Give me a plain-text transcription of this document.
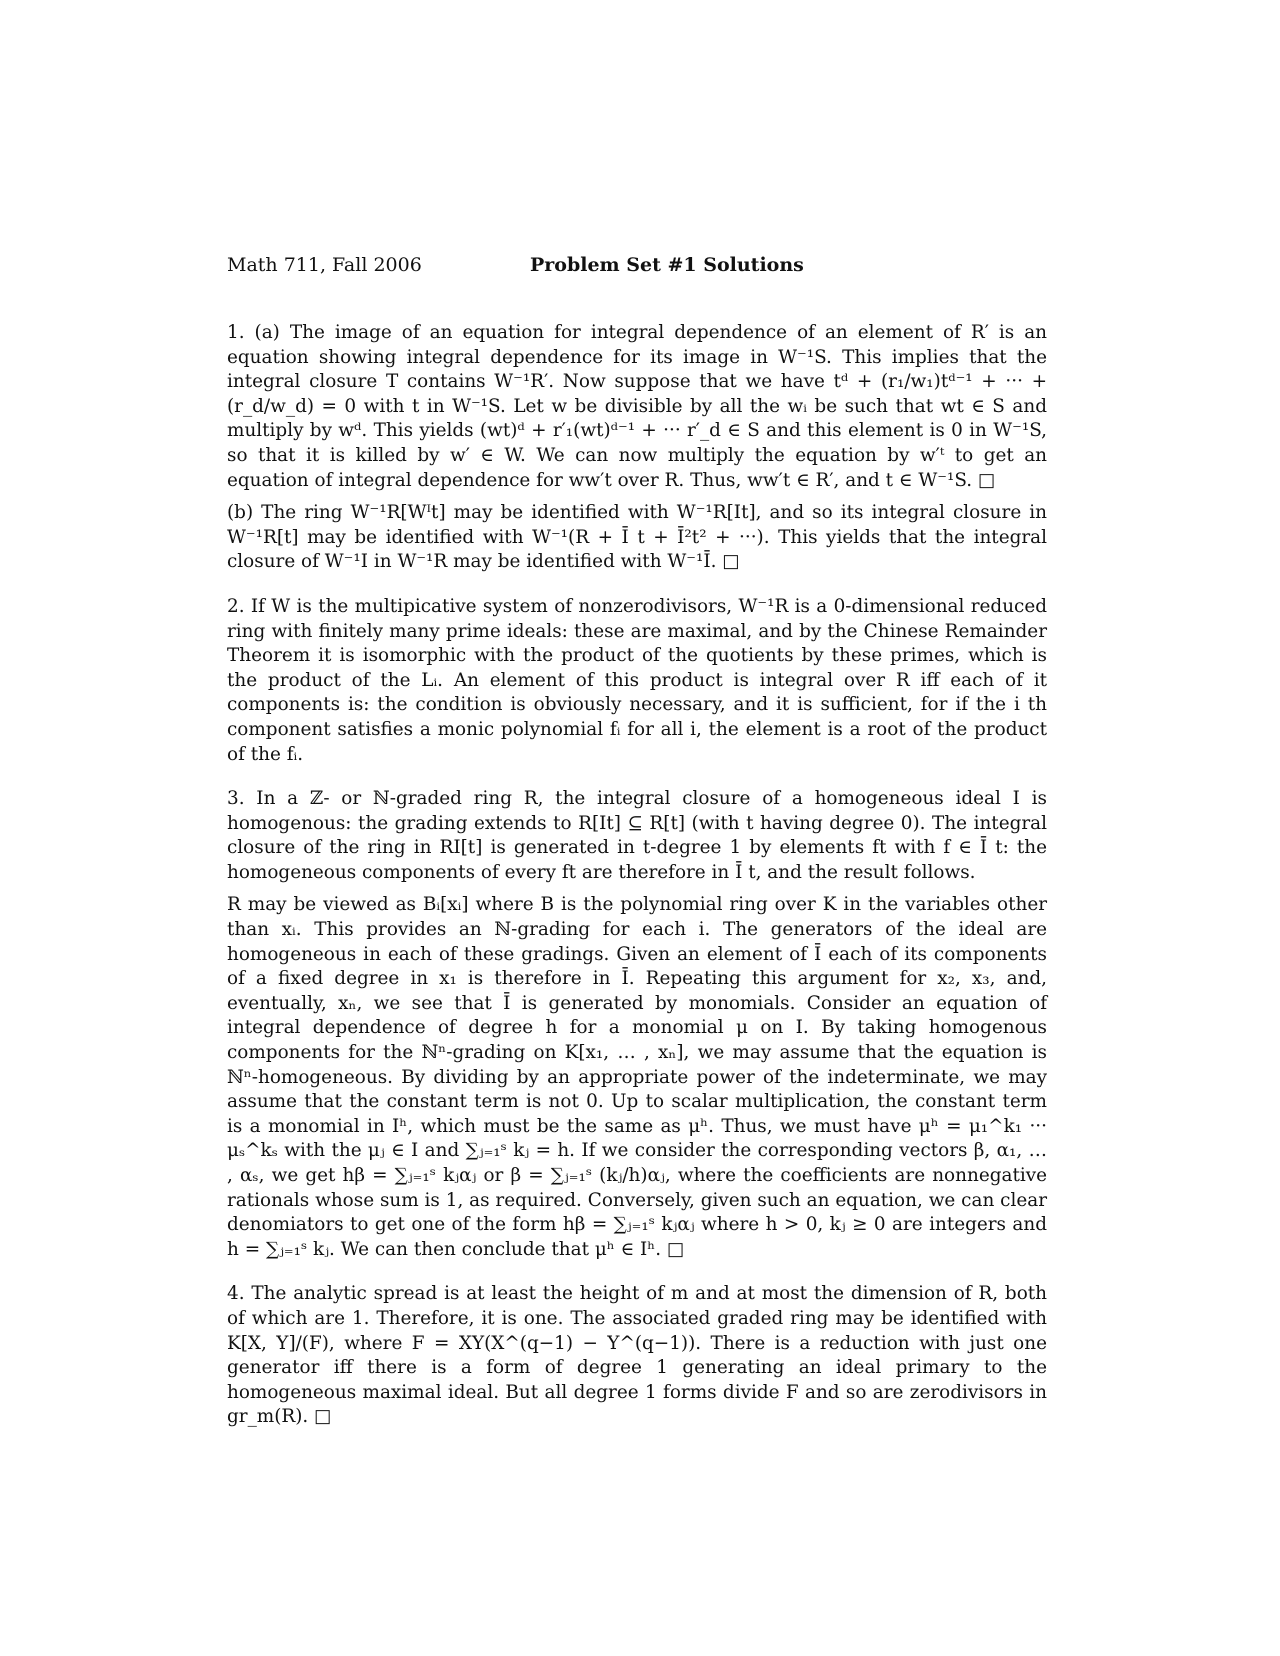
Math 711, Fall 2006	Problem Set #1 Solutions

1. (a) The image of an equation for integral dependence of an element of R′ is an equation showing integral dependence for its image in W⁻¹S. This implies that the integral closure T contains W⁻¹R′. Now suppose that we have tᵈ + (r₁/w₁)tᵈ⁻¹ + ··· + (r_d/w_d) = 0 with t in W⁻¹S. Let w be divisible by all the wᵢ be such that wt ∈ S and multiply by wᵈ. This yields (wt)ᵈ + r′₁(wt)ᵈ⁻¹ + ··· r′_d ∈ S and this element is 0 in W⁻¹S, so that it is killed by w′ ∈ W. We can now multiply the equation by w′ᵗ to get an equation of integral dependence for ww′t over R. Thus, ww′t ∈ R′, and t ∈ W⁻¹S. □

(b) The ring W⁻¹R[Wᴵt] may be identified with W⁻¹R[It], and so its integral closure in W⁻¹R[t] may be identified with W⁻¹(R + Ī t + Ī²t² + ···). This yields that the integral closure of W⁻¹I in W⁻¹R may be identified with W⁻¹Ī. □

2. If W is the multipicative system of nonzerodivisors, W⁻¹R is a 0-dimensional reduced ring with finitely many prime ideals: these are maximal, and by the Chinese Remainder Theorem it is isomorphic with the product of the quotients by these primes, which is the product of the Lᵢ. An element of this product is integral over R iff each of it components is: the condition is obviously necessary, and it is sufficient, for if the i th component satisfies a monic polynomial fᵢ for all i, the element is a root of the product of the fᵢ.

3. In a ℤ- or ℕ-graded ring R, the integral closure of a homogeneous ideal I is homogenous: the grading extends to R[It] ⊆ R[t] (with t having degree 0). The integral closure of the ring in RI[t] is generated in t-degree 1 by elements ft with f ∈ Ī t: the homogeneous components of every ft are therefore in Ī t, and the result follows.

R may be viewed as Bᵢ[xᵢ] where B is the polynomial ring over K in the variables other than xᵢ. This provides an ℕ-grading for each i. The generators of the ideal are homogeneous in each of these gradings. Given an element of Ī each of its components of a fixed degree in x₁ is therefore in Ī. Repeating this argument for x₂, x₃, and, eventually, xₙ, we see that Ī is generated by monomials. Consider an equation of integral dependence of degree h for a monomial μ on I. By taking homogenous components for the ℕⁿ-grading on K[x₁, … , xₙ], we may assume that the equation is ℕⁿ-homogeneous. By dividing by an appropriate power of the indeterminate, we may assume that the constant term is not 0. Up to scalar multiplication, the constant term is a monomial in Iʰ, which must be the same as μʰ. Thus, we must have μʰ = μ₁^k₁ ··· μₛ^kₛ with the μⱼ ∈ I and ∑ⱼ₌₁ˢ kⱼ = h. If we consider the corresponding vectors β, α₁, … , αₛ, we get hβ = ∑ⱼ₌₁ˢ kⱼαⱼ or β = ∑ⱼ₌₁ˢ (kⱼ/h)αⱼ, where the coefficients are nonnegative rationals whose sum is 1, as required. Conversely, given such an equation, we can clear denomiators to get one of the form hβ = ∑ⱼ₌₁ˢ kⱼαⱼ where h > 0, kⱼ ≥ 0 are integers and h = ∑ⱼ₌₁ˢ kⱼ. We can then conclude that μʰ ∈ Iʰ. □

4. The analytic spread is at least the height of m and at most the dimension of R, both of which are 1. Therefore, it is one. The associated graded ring may be identified with K[X, Y]/(F), where F = XY(X^(q−1) − Y^(q−1)). There is a reduction with just one generator iff there is a form of degree 1 generating an ideal primary to the homogeneous maximal ideal. But all degree 1 forms divide F and so are zerodivisors in gr_m(R). □
